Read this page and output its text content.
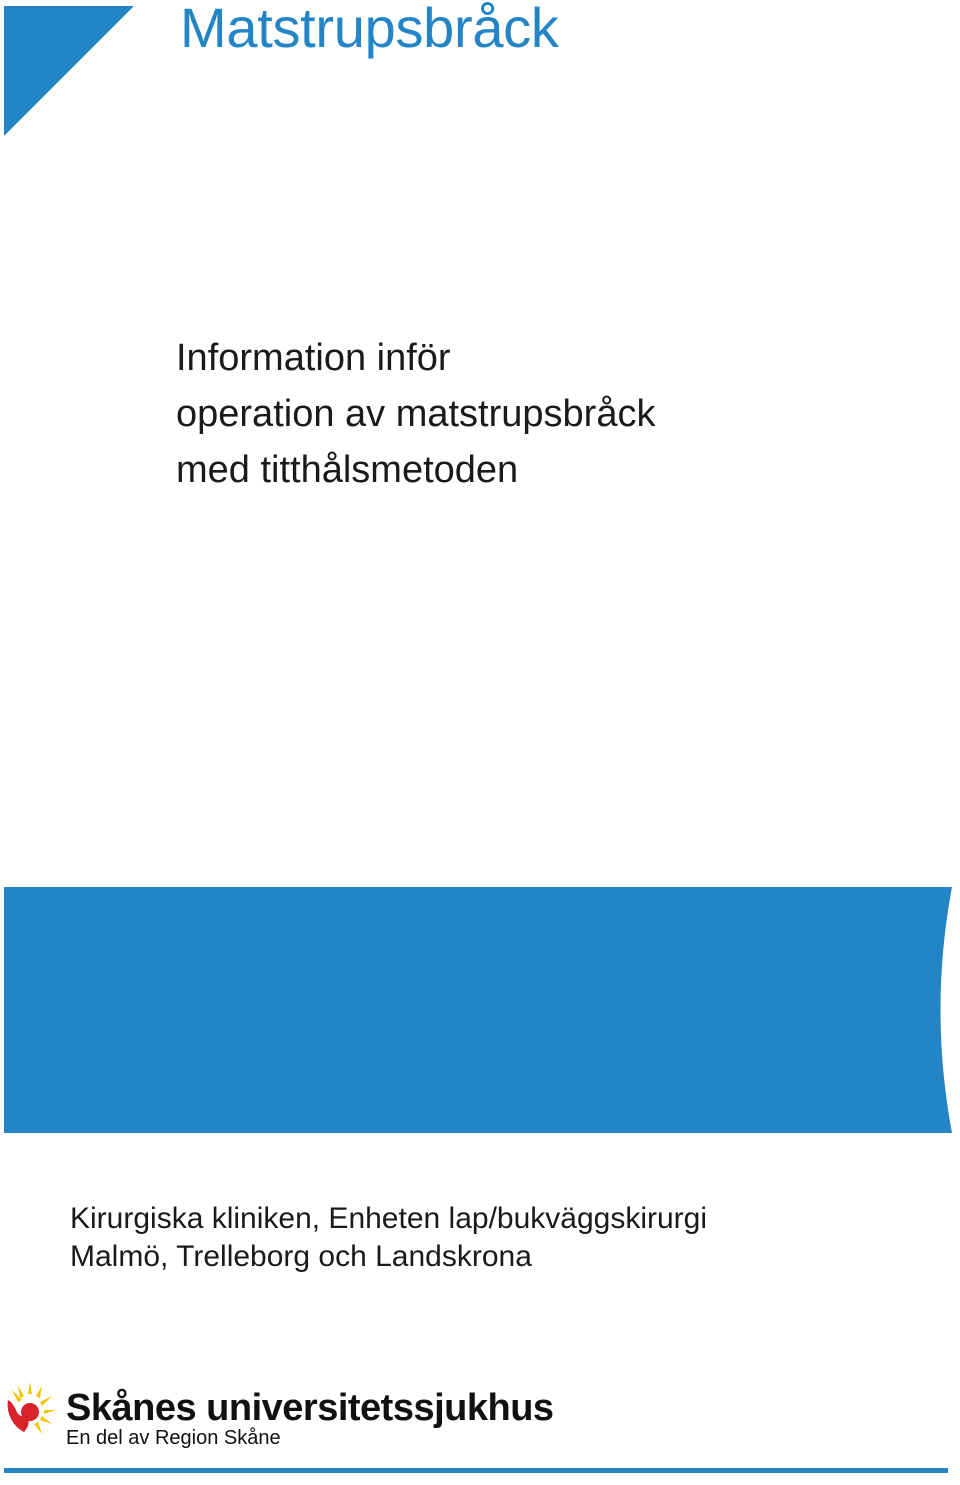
Matstrupsbråck
Information inför
operation av matstrupsbråck
med titthålsmetoden
Kirurgiska kliniken, Enheten lap/bukväggskirurgi
Malmö, Trelleborg och Landskrona
Skånes universitetssjukhus
En del av Region Skåne
